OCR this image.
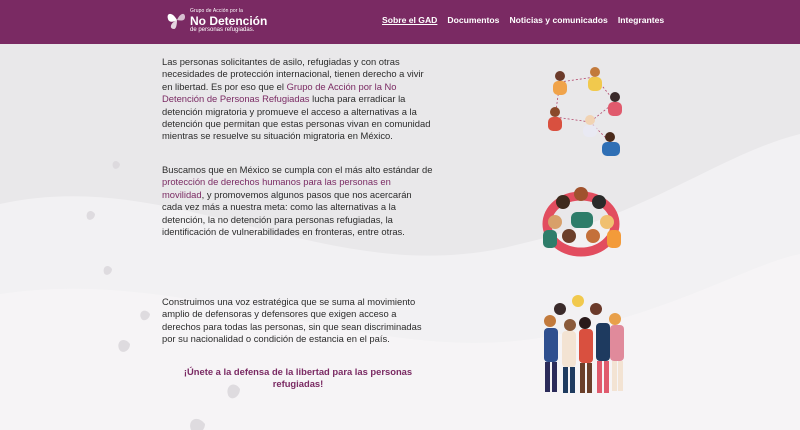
Grupo de Acción por la
No Detención
de personas refugiadas.
Sobre el GAD Documentos Noticias y comunicados Integrantes

Las personas solicitantes de asilo, refugiadas y con otras necesidades de protección internacional, tienen derecho a vivir en libertad. Es por eso que el Grupo de Acción por la No Detención de Personas Refugiadas lucha para erradicar la detención migratoria y promueve el acceso a alternativas a la detención que permitan que estas personas vivan en comunidad mientras se resuelve su situación migratoria en México.

Buscamos que en México se cumpla con el más alto estándar de protección de derechos humanos para las personas en movilidad, y promovemos algunos pasos que nos acercarán cada vez más a nuestra meta: como las alternativas a la detención, la no detención para personas refugiadas, la identificación de vulnerabilidades en fronteras, entre otras.

Construimos una voz estratégica que se suma al movimiento amplio de defensoras y defensores que exigen acceso a derechos para todas las personas, sin que sean discriminadas por su nacionalidad o condición de estancia en el país.

¡Únete a la defensa de la libertad para las personas refugiadas!
